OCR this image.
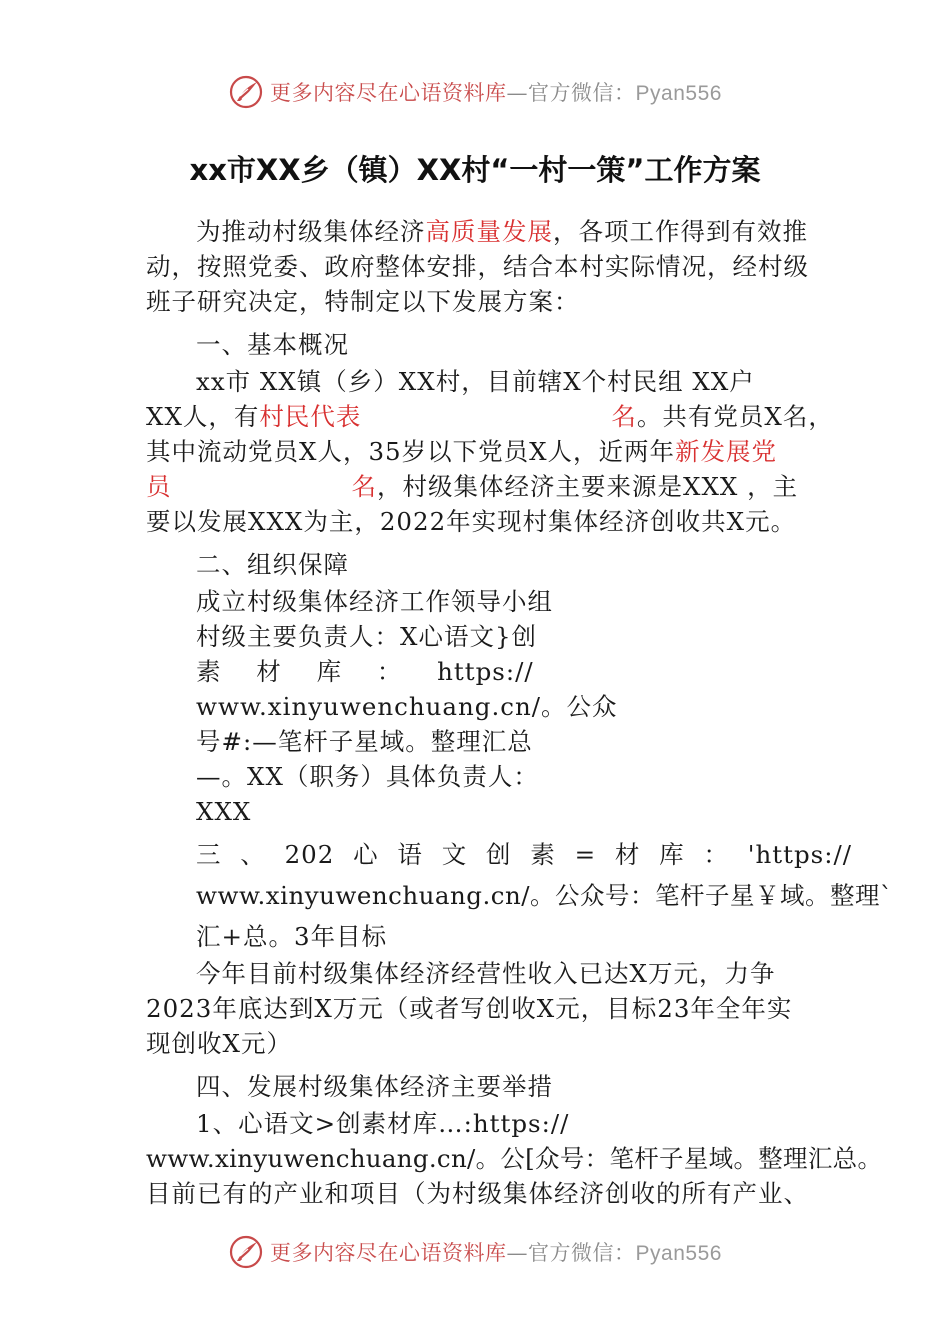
更多内容尽在心语资料库—官方微信：Pyan556
xx市XX乡（镇）XX村“一村一策”工作方案
为推动村级集体经济高质量发展，各项工作得到有效推
动，按照党委、政府整体安排，结合本村实际情况，经村级
班子研究决定，特制定以下发展方案：
一、基本概况
xx市 XX镇（乡）XX村，目前辖X个村民组 XX户
XX人，有村民代表	名。共有党员X名，
其中流动党员X人，35岁以下党员X人，近两年新发展党
员	名，村级集体经济主要来源是XXX ，主
要以发展XXX为主，2022年实现村集体经济创收共X元。
二、组织保障
成立村级集体经济工作领导小组
村级主要负责人：X心语文}创
素 材 库 ： https://
www.xinyuwenchuang.cn/。公众
号#:—笔杆子星域。整理汇总
—。XX（职务）具体负责人：
XXX
三 、 202 心 语 文 创 素 = 材 库 ： 'https://
www.xinyuwenchuang.cn/。公众号：笔杆子星￥域。整理`
汇+总。3年目标
今年目前村级集体经济经营性收入已达X万元，力争
2023年底达到X万元（或者写创收X元，目标23年全年实
现创收X元）
四、发展村级集体经济主要举措
1、心语文>创素材库…:https://
www.xinyuwenchuang.cn/。公[众号：笔杆子星域。整理汇总。
目前已有的产业和项目（为村级集体经济创收的所有产业、
更多内容尽在心语资料库—官方微信：Pyan556
